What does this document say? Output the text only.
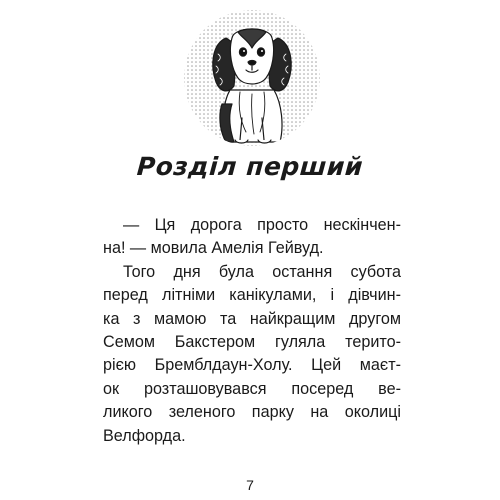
Розділ перший
— Ця дорога просто нескінчен-
на! — мовила Амелія Гейвуд.
Того дня була остання субота
перед літніми канікулами, і дівчин-
ка з мамою та найкращим другом
Семом Бакстером гуляла терито-
рією Бремблдаун-Холу. Цей маєт-
ок розташовувався посеред ве-
ликого зеленого парку на околиці
Велфорда.
7
